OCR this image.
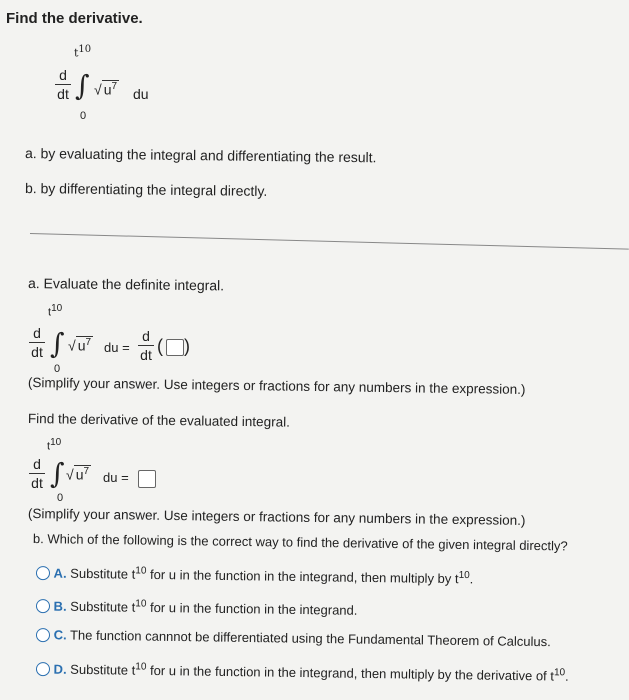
Find the derivative.
t10
d
dt ∫ √ $u^7$ du
0
a. by evaluating the integral and differentiating the result.
b. by differentiating the integral directly.
a. Evaluate the definite integral.
t10
d
dt ∫ √ $u^7$ du =
d
dt ( )
0
(Simplify your answer. Use integers or fractions for any numbers in the expression.)
Find the derivative of the evaluated integral.
t10
d
dt ∫ √ $u^7$ du =
0
(Simplify your answer. Use integers or fractions for any numbers in the expression.)
b. Which of the following is the correct way to find the derivative of the given integral directly?
A. Substitute $t^{10}$ for u in the function in the integrand, then multiply by $t^{10}$.
B. Substitute $t^{10}$ for u in the function in the integrand.
C. The function cannnot be differentiated using the Fundamental Theorem of Calculus.
D. Substitute $t^{10}$ for u in the function in the integrand, then multiply by the derivative of $t^{10}$.
